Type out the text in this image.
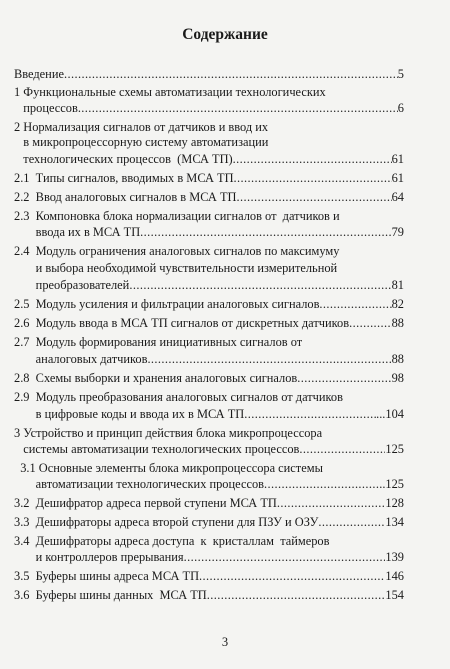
Содержание
Введение .....	5
1 Функциональные схемы автоматизации технологических
процессов .....	6
2 Нормализация сигналов от датчиков и ввод их
в микропроцессорную систему автоматизации
технологических процессов  (МСА ТП) .....	61
2.1  Типы сигналов, вводимых в МСА ТП .....	61
2.2  Ввод аналоговых сигналов в МСА ТП .....	64
2.3  Компоновка блока нормализации сигналов от  датчиков и
ввода их в МСА ТП .....	79
2.4  Модуль ограничения аналоговых сигналов по максимуму
и выбора необходимой чувствительности измерительной
преобразователей .....	81
2.5  Модуль усиления и фильтрации аналоговых сигналов .....	82
2.6  Модуль ввода в МСА ТП сигналов от дискретных датчиков .....	88
2.7  Модуль формирования инициативных сигналов от
аналоговых датчиков .....	88
2.8  Схемы выборки и хранения аналоговых сигналов .....	98
2.9  Модуль преобразования аналоговых сигналов от датчиков
в цифровые коды и ввода их в МСА ТП .....	...104
3 Устройство и принцип действия блока микропроцессора
системы автоматизации технологических процессов .....	125
3.1 Основные элементы блока микропроцессора системы
автоматизации технологических процессов .....	..125
3.2  Дешифратор адреса первой ступени МСА ТП .....	128
3.3  Дешифраторы адреса второй ступени для ПЗУ и ОЗУ .....	134
3.4  Дешифраторы адреса доступа  к  кристаллам  таймеров
и контроллеров прерывания .....	139
3.5  Буферы шины адреса МСА ТП .....	146
3.6  Буферы шины данных  МСА ТП .....	154
3
